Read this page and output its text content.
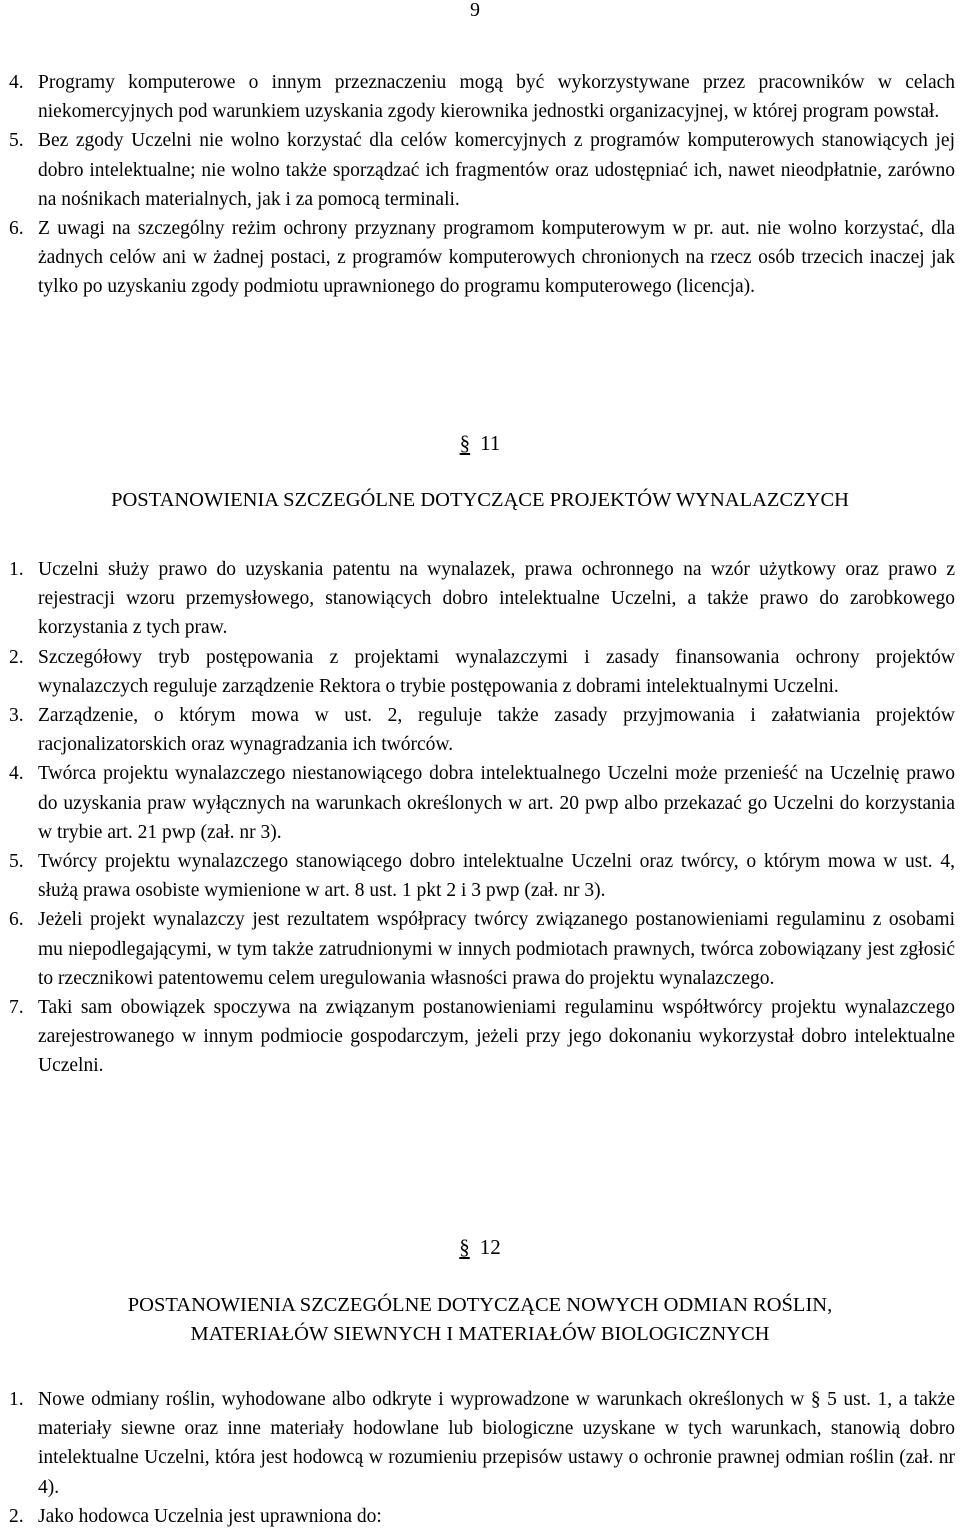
9
4. Programy komputerowe o innym przeznaczeniu mogą być wykorzystywane przez pracowników w celach niekomercyjnych pod warunkiem uzyskania zgody kierownika jednostki organizacyjnej, w której program powstał.
5. Bez zgody Uczelni nie wolno korzystać dla celów komercyjnych z programów komputerowych stanowiących jej dobro intelektualne; nie wolno także sporządzać ich fragmentów oraz udostępniać ich, nawet nieodpłatnie, zarówno na nośnikach materialnych, jak i za pomocą terminali.
6. Z uwagi na szczególny reżim ochrony przyznany programom komputerowym w pr. aut. nie wolno korzystać, dla żadnych celów ani w żadnej postaci, z programów komputerowych chronionych na rzecz osób trzecich inaczej jak tylko po uzyskaniu zgody podmiotu uprawnionego do programu komputerowego (licencja).
§ 11
POSTANOWIENIA SZCZEGÓLNE DOTYCZĄCE PROJEKTÓW WYNALAZCZYCH
1. Uczelni służy prawo do uzyskania patentu na wynalazek, prawa ochronnego na wzór użytkowy oraz prawo z rejestracji wzoru przemysłowego, stanowiących dobro intelektualne Uczelni, a także prawo do zarobkowego korzystania z tych praw.
2. Szczegółowy tryb postępowania z projektami wynalazczymi i zasady finansowania ochrony projektów wynalazczych reguluje zarządzenie Rektora o trybie postępowania z dobrami intelektualnymi Uczelni.
3. Zarządzenie, o którym mowa w ust. 2, reguluje także zasady przyjmowania i załatwiania projektów racjonalizatorskich oraz wynagradzania ich twórców.
4. Twórca projektu wynalazczego niestanowiącego dobra intelektualnego Uczelni może przenieść na Uczelnię prawo do uzyskania praw wyłącznych na warunkach określonych w art. 20 pwp albo przekazać go Uczelni do korzystania w trybie art. 21 pwp (zał. nr 3).
5. Twórcy projektu wynalazczego stanowiącego dobro intelektualne Uczelni oraz twórcy, o którym mowa w ust. 4, służą prawa osobiste wymienione w art. 8 ust. 1 pkt 2 i 3 pwp (zał. nr 3).
6. Jeżeli projekt wynalazczy jest rezultatem współpracy twórcy związanego postanowieniami regulaminu z osobami mu niepodlegającymi, w tym także zatrudnionymi w innych podmiotach prawnych, twórca zobowiązany jest zgłosić to rzecznikowi patentowemu celem uregulowania własności prawa do projektu wynalazczego.
7. Taki sam obowiązek spoczywa na związanym postanowieniami regulaminu współtwórcy projektu wynalazczego zarejestrowanego w innym podmiocie gospodarczym, jeżeli przy jego dokonaniu wykorzystał dobro intelektualne Uczelni.
§ 12
POSTANOWIENIA SZCZEGÓLNE DOTYCZĄCE NOWYCH ODMIAN ROŚLIN,
MATERIAŁÓW SIEWNYCH I MATERIAŁÓW BIOLOGICZNYCH
1. Nowe odmiany roślin, wyhodowane albo odkryte i wyprowadzone w warunkach określonych w § 5 ust. 1, a także materiały siewne oraz inne materiały hodowlane lub biologiczne uzyskane w tych warunkach, stanowią dobro intelektualne Uczelni, która jest hodowcą w rozumieniu przepisów ustawy o ochronie prawnej odmian roślin (zał. nr 4).
2. Jako hodowca Uczelnia jest uprawniona do:
